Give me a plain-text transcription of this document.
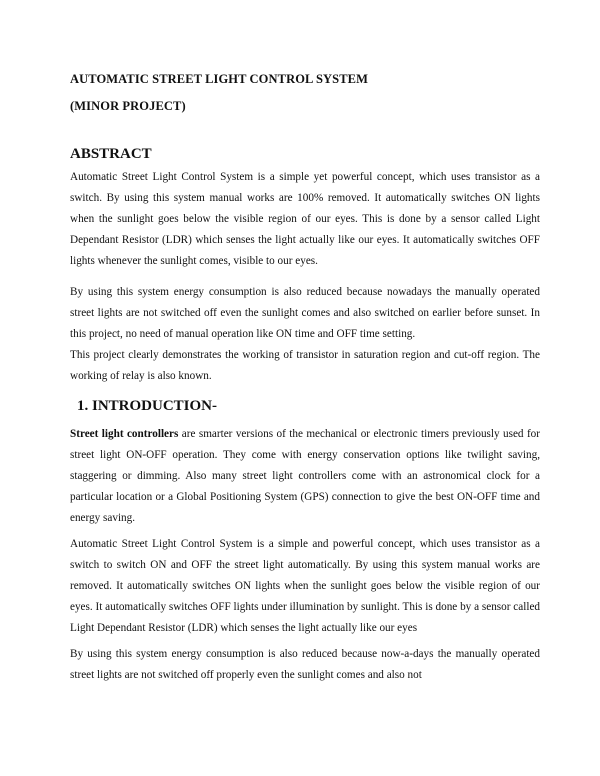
AUTOMATIC STREET LIGHT CONTROL SYSTEM
(MINOR PROJECT)
ABSTRACT

Automatic Street Light Control System is a simple yet powerful concept, which uses transistor as a switch. By using this system manual works are 100% removed. It automatically switches ON lights when the sunlight goes below the visible region of our eyes. This is done by a sensor called Light Dependant Resistor (LDR) which senses the light actually like our eyes. It automatically switches OFF lights whenever the sunlight comes, visible to our eyes.

By using this system energy consumption is also reduced because nowadays the manually operated street lights are not switched off even the sunlight comes and also switched on earlier before sunset. In this project, no need of manual operation like ON time and OFF time setting.

This project clearly demonstrates the working of transistor in saturation region and cut-off region. The working of relay is also known.

1. INTRODUCTION-

Street light controllers are smarter versions of the mechanical or electronic timers previously used for street light ON-OFF operation. They come with energy conservation options like twilight saving, staggering or dimming. Also many street light controllers come with an astronomical clock for a particular location or a Global Positioning System (GPS) connection to give the best ON-OFF time and energy saving.

Automatic Street Light Control System is a simple and powerful concept, which uses transistor as a switch to switch ON and OFF the street light automatically. By using this system manual works are removed. It automatically switches ON lights when the sunlight goes below the visible region of our eyes. It automatically switches OFF lights under illumination by sunlight. This is done by a sensor called Light Dependant Resistor (LDR) which senses the light actually like our eyes

By using this system energy consumption is also reduced because now-a-days the manually operated street lights are not switched off properly even the sunlight comes and also not
